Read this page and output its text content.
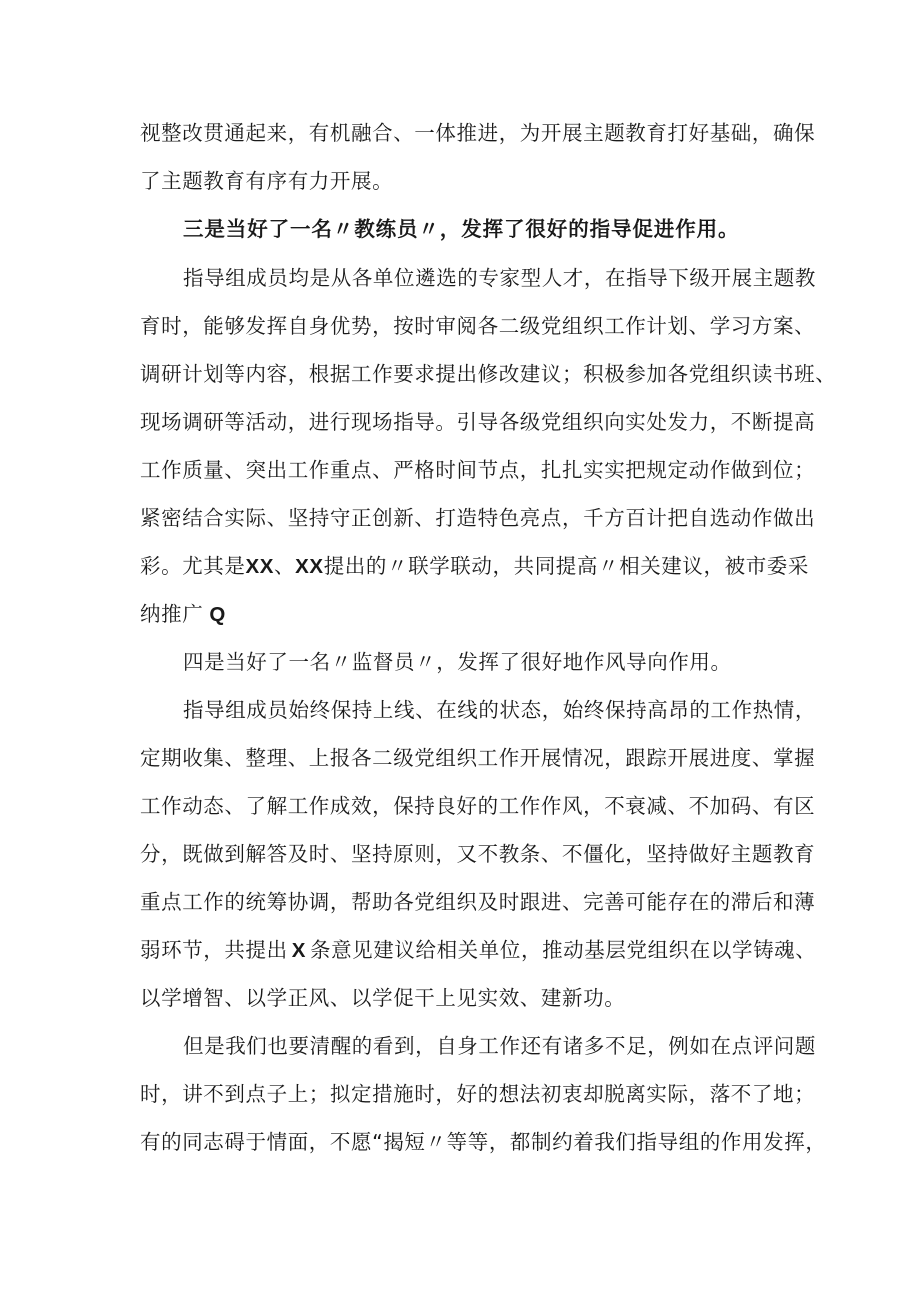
视整改贯通起来，有机融合、一体推进，为开展主题教育打好基础，确保
了主题教育有序有力开展。
三是当好了一名〃教练员〃，发挥了很好的指导促进作用。
指导组成员均是从各单位遴选的专家型人才，在指导下级开展主题教
育时，能够发挥自身优势，按时审阅各二级党组织工作计划、学习方案、
调研计划等内容，根据工作要求提出修改建议；积极参加各党组织读书班、
现场调研等活动，进行现场指导。引导各级党组织向实处发力，不断提高
工作质量、突出工作重点、严格时间节点，扎扎实实把规定动作做到位；
紧密结合实际、坚持守正创新、打造特色亮点，千方百计把自选动作做出
彩。尤其是XX、XX提出的〃联学联动，共同提高〃相关建议，被市委采
纳推广 Q
四是当好了一名〃监督员〃，发挥了很好地作风导向作用。
指导组成员始终保持上线、在线的状态，始终保持高昂的工作热情，
定期收集、整理、上报各二级党组织工作开展情况，跟踪开展进度、掌握
工作动态、了解工作成效，保持良好的工作作风，不衰减、不加码、有区
分，既做到解答及时、坚持原则，又不教条、不僵化，坚持做好主题教育
重点工作的统筹协调，帮助各党组织及时跟进、完善可能存在的滞后和薄
弱环节，共提出 X 条意见建议给相关单位，推动基层党组织在以学铸魂、
以学增智、以学正风、以学促干上见实效、建新功。
但是我们也要清醒的看到，自身工作还有诸多不足，例如在点评问题
时，讲不到点子上；拟定措施时，好的想法初衷却脱离实际，落不了地；
有的同志碍于情面，不愿“揭短〃等等，都制约着我们指导组的作用发挥，
